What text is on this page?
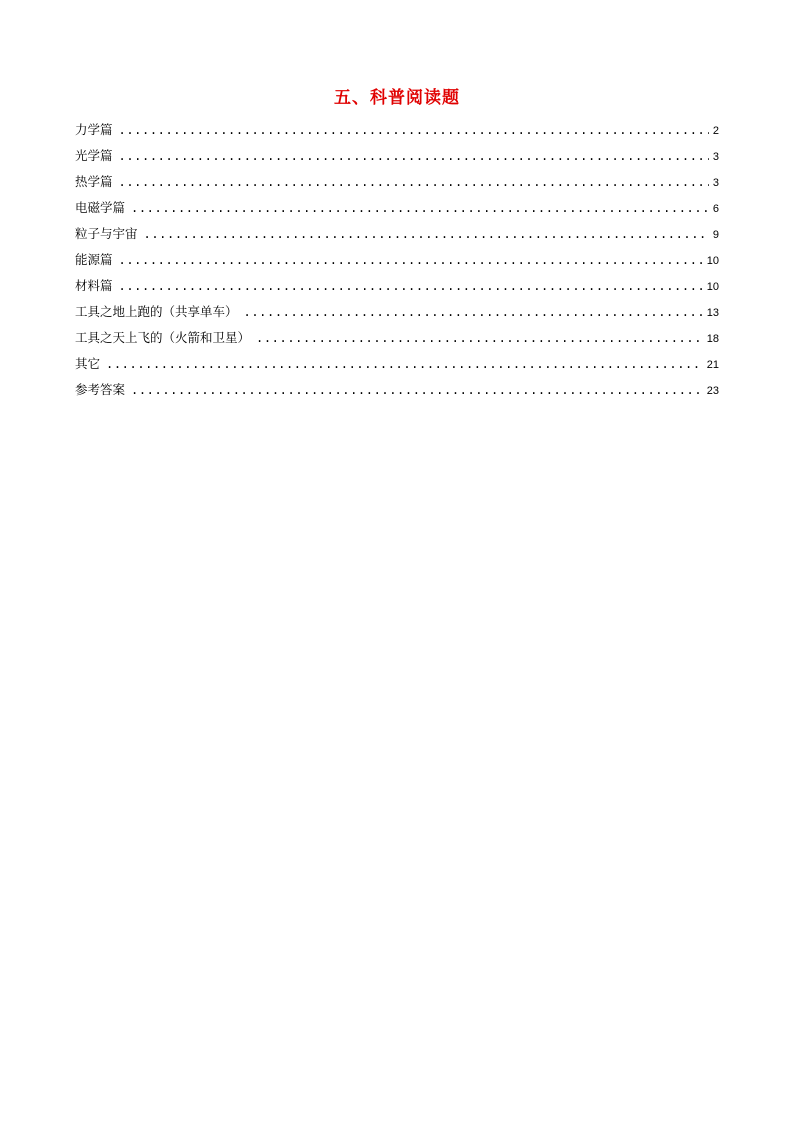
五、科普阅读题
力学篇 .....	2
光学篇 .....	3
热学篇 .....	3
电磁学篇 .....	6
粒子与宇宙 .....	9
能源篇 .....	10
材料篇 .....	10
工具之地上跑的（共享单车） .....	13
工具之天上飞的（火箭和卫星） .....	18
其它 .....	21
参考答案 .....	23
